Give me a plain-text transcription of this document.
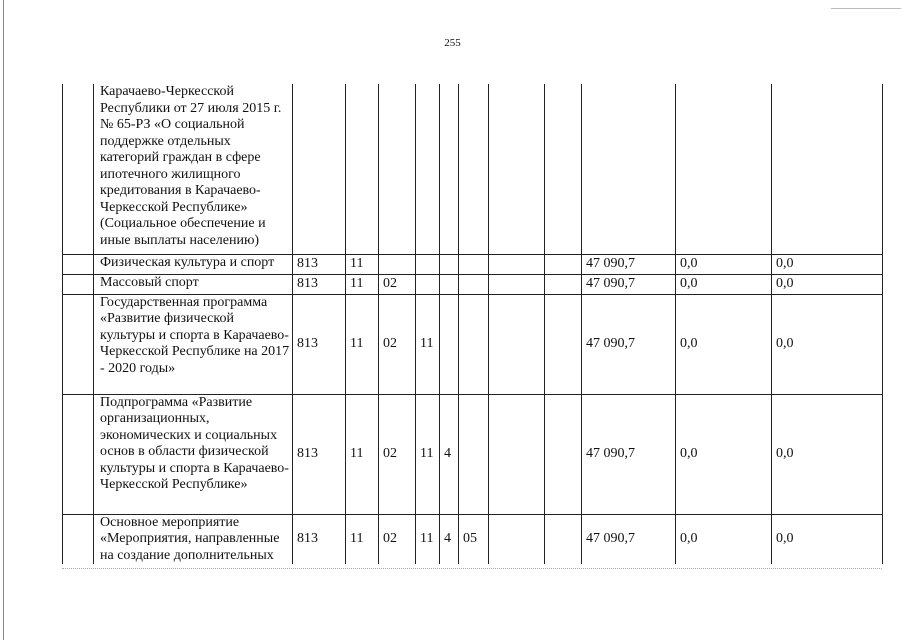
255
	Карачаево-Черкесской Республики от 27 июля 2015 г. № 65-РЗ «О социальной поддержке отдельных категорий граждан в сфере ипотечного жилищного кредитования в Карачаево-Черкесской Республике» (Социальное обеспечение и иные выплаты населению)											
	Физическая культура и спорт	813	11							47 090,7	0,0	0,0
	Массовый спорт	813	11	02						47 090,7	0,0	0,0
	Государственная программа «Развитие физической культуры и спорта в Карачаево-Черкесской Республике на 2017 - 2020 годы»	813	11	02	11					47 090,7	0,0	0,0
	Подпрограмма «Развитие организационных, экономических и социальных основ в области физической культуры и спорта в Карачаево-Черкесской Республике»	813	11	02	11	4				47 090,7	0,0	0,0
	Основное мероприятие «Мероприятия, направленные на создание дополнительных	813	11	02	11	4	05			47 090,7	0,0	0,0
